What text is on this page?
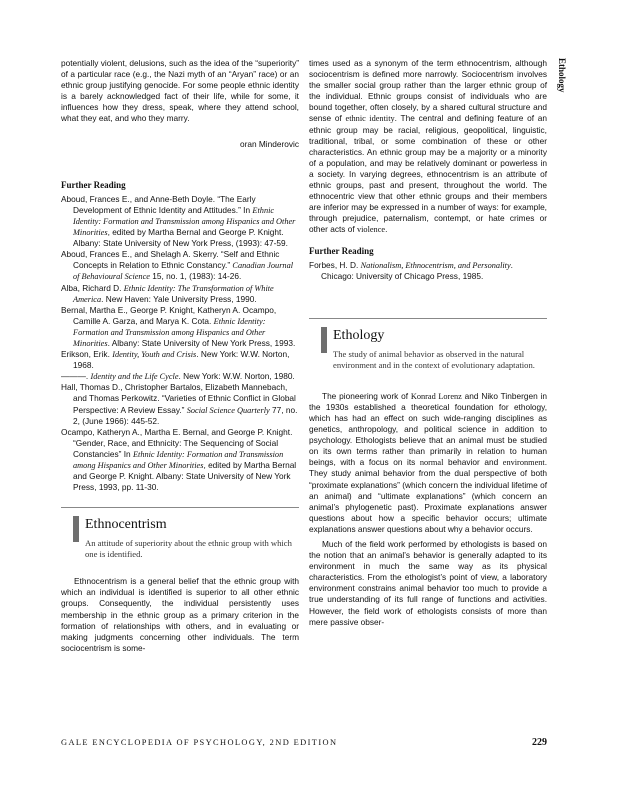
Ethology

potentially violent, delusions, such as the idea of the “superiority” of a particular race (e.g., the Nazi myth of an “Aryan” race) or an ethnic group justifying genocide. For some people ethnic identity is a barely acknowledged fact of their life, while for some, it influences how they dress, speak, where they attend school, what they eat, and who they marry.

oran Minderovic

Further Reading

Aboud, Frances E., and Anne-Beth Doyle. “The Early Development of Ethnic Identity and Attitudes.” In Ethnic Identity: Formation and Transmission among Hispanics and Other Minorities, edited by Martha Bernal and George P. Knight. Albany: State University of New York Press, (1993): 47-59.

Aboud, Frances E., and Shelagh A. Skerry. “Self and Ethnic Concepts in Relation to Ethnic Constancy.” Canadian Journal of Behavioural Science 15, no. 1, (1983): 14-26.

Alba, Richard D. Ethnic Identity: The Transformation of White America. New Haven: Yale University Press, 1990.

Bernal, Martha E., George P. Knight, Katheryn A. Ocampo, Camille A. Garza, and Marya K. Cota. Ethnic Identity: Formation and Transmission among Hispanics and Other Minorities. Albany: State University of New York Press, 1993.

Erikson, Erik. Identity, Youth and Crisis. New York: W.W. Norton, 1968.

———. Identity and the Life Cycle. New York: W.W. Norton, 1980.

Hall, Thomas D., Christopher Bartalos, Elizabeth Mannebach, and Thomas Perkowitz. “Varieties of Ethnic Conflict in Global Perspective: A Review Essay.” Social Science Quarterly 77, no. 2, (June 1966): 445-52.

Ocampo, Katheryn A., Martha E. Bernal, and George P. Knight. “Gender, Race, and Ethnicity: The Sequencing of Social Constancies” In Ethnic Identity: Formation and Transmission among Hispanics and Other Minorities, edited by Martha Bernal and George P. Knight. Albany: State University of New York Press, 1993, pp. 11-30.

Ethnocentrism
An attitude of superiority about the ethnic group with which one is identified.

Ethnocentrism is a general belief that the ethnic group with which an individual is identified is superior to all other ethnic groups. Consequently, the individual persistently uses membership in the ethnic group as a primary criterion in the formation of relationships with others, and in evaluating or making judgments concerning other individuals. The term sociocentrism is some-

times used as a synonym of the term ethnocentrism, although sociocentrism is defined more narrowly. Sociocentrism involves the smaller social group rather than the larger ethnic group of the individual. Ethnic groups consist of individuals who are bound together, often closely, by a shared cultural structure and sense of ethnic identity. The central and defining feature of an ethnic group may be racial, religious, geopolitical, linguistic, traditional, tribal, or some combination of these or other characteristics. An ethnic group may be a majority or a minority of a population, and may be relatively dominant or powerless in a society. In varying degrees, ethnocentrism is an attribute of ethnic groups, past and present, throughout the world. The ethnocentric view that other ethnic groups and their members are inferior may be expressed in a number of ways: for example, through prejudice, paternalism, contempt, or hate crimes or other acts of violence.

Further Reading

Forbes, H. D. Nationalism, Ethnocentrism, and Personality. Chicago: University of Chicago Press, 1985.

Ethology
The study of animal behavior as observed in the natural environment and in the context of evolutionary adaptation.

The pioneering work of Konrad Lorenz and Niko Tinbergen in the 1930s established a theoretical foundation for ethology, which has had an effect on such wide-ranging disciplines as genetics, anthropology, and political science in addition to psychology. Ethologists believe that an animal must be studied on its own terms rather than primarily in relation to human beings, with a focus on its normal behavior and environment. They study animal behavior from the dual perspective of both “proximate explanations” (which concern the individual lifetime of an animal) and “ultimate explanations” (which concern an animal’s phylogenetic past). Proximate explanations answer questions about how a specific behavior occurs; ultimate explanations answer questions about why a behavior occurs.

Much of the field work performed by ethologists is based on the notion that an animal’s behavior is generally adapted to its environment in much the same way as its physical characteristics. From the ethologist’s point of view, a laboratory environment constrains animal behavior too much to provide a true understanding of its full range of functions and activities. However, the field work of ethologists consists of more than mere passive obser-

GALE ENCYCLOPEDIA OF PSYCHOLOGY, 2ND EDITION	229
